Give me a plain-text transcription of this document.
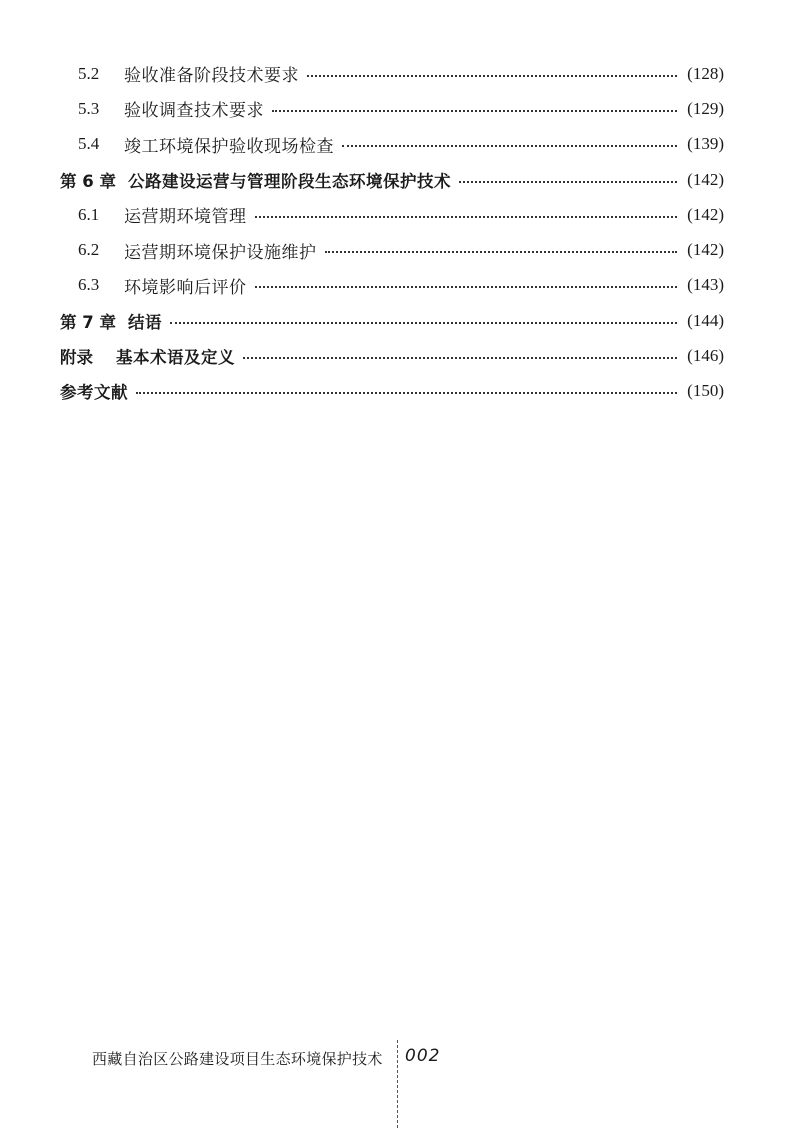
5.2	验收准备阶段技术要求	(128)
5.3	验收调查技术要求	(129)
5.4	竣工环境保护验收现场检查	(139)
第 6 章 公路建设运营与管理阶段生态环境保护技术	(142)
6.1	运营期环境管理	(142)
6.2	运营期环境保护设施维护	(142)
6.3	环境影响后评价	(143)
第 7 章 结语	(144)
附录	基本术语及定义	(146)
参考文献	(150)
西藏自治区公路建设项目生态环境保护技术 002
